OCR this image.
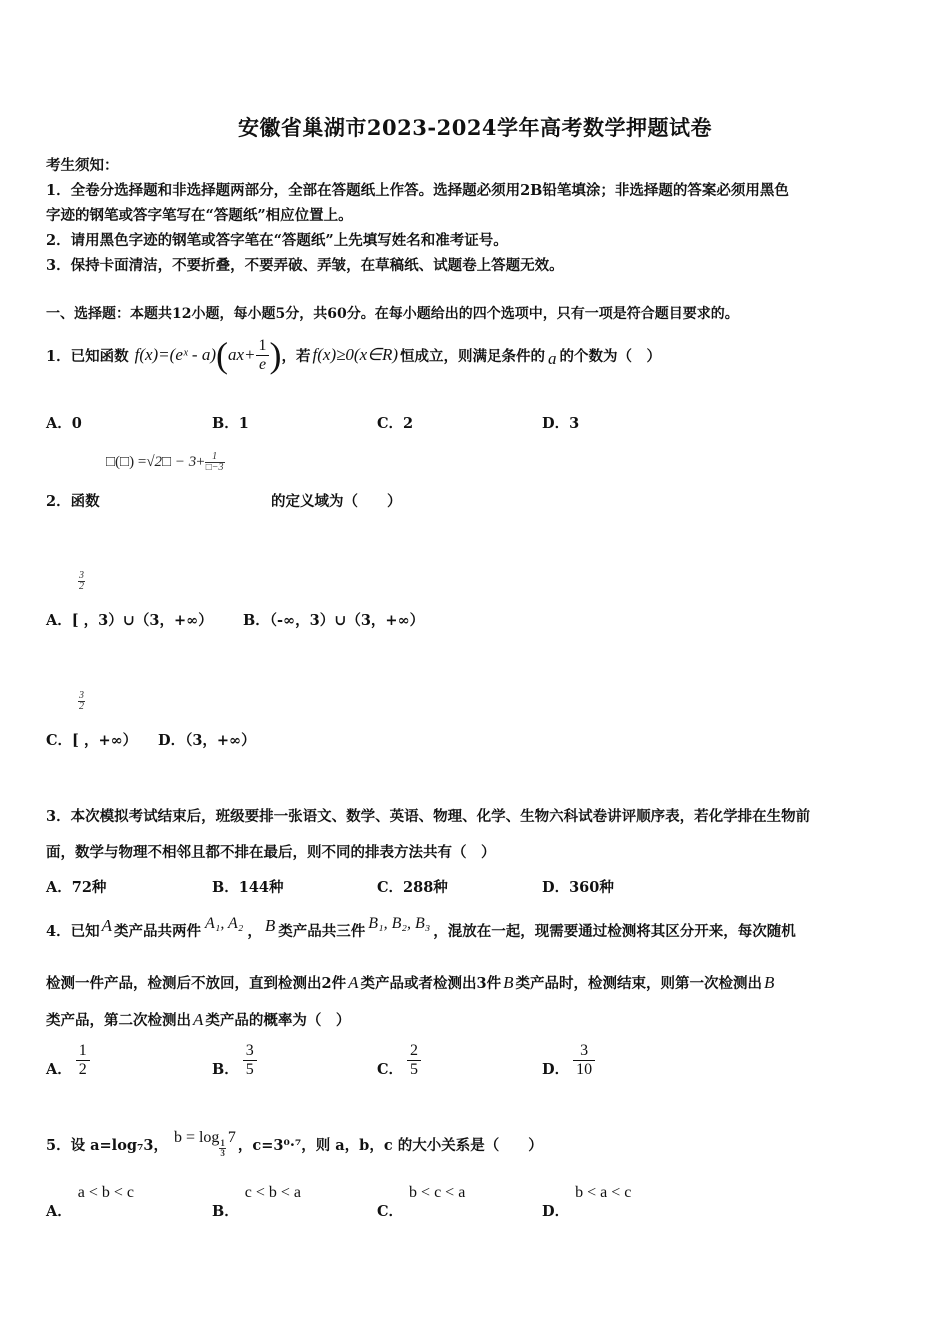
安徽省巢湖市2023-2024学年高考数学押题试卷
考生须知：
1．全卷分选择题和非选择题两部分，全部在答题纸上作答。选择题必须用2B铅笔填涂；非选择题的答案必须用黑色
字迹的钢笔或答字笔写在“答题纸”相应位置上。
2．请用黑色字迹的钢笔或答字笔在“答题纸”上先填写姓名和准考证号。
3．保持卡面清洁，不要折叠，不要弄破、弄皱，在草稿纸、试题卷上答题无效。
一、选择题：本题共12小题，每小题5分，共60分。在每小题给出的四个选项中，只有一项是符合题目要求的。
1．已知函数 f(x)= (eˣ - a) ( $ax+ \frac{1}{e}$ ) ，若 f(x)≥0(x∈R) 恒成立，则满足条件的 a 的个数为（　）
A．0	B．1	C．2	D．3
□(□) = √2□ − $3 + \frac{1}{□-3}$
2．函数	的定义域为（　　）
$\frac{3}{2}$
A．[ ，3）∪（3，+∞） B．（-∞，3）∪（3，+∞）
$\frac{3}{2}$
C．[ ，+∞） D．（3，+∞）
3．本次模拟考试结束后，班级要排一张语文、数学、英语、物理、化学、生物六科试卷讲评顺序表，若化学排在生物前
面，数学与物理不相邻且都不排在最后，则不同的排表方法共有（　）
A．72种	B．144种	C．288种	D．360种
4．已知 A 类产品共两件 A₁, A₂ ， B 类产品共三件 B₁, B₂, B₃ ，混放在一起，现需要通过检测将其区分开来，每次随机
检测一件产品，检测后不放回，直到检测出2件 A 类产品或者检测出3件 B 类产品时，检测结束，则第一次检测出 B
类产品，第二次检测出 A 类产品的概率为（　）
A． $\frac{1}{2}$	B． $\frac{3}{5}$	C． $\frac{2}{5}$	D． $\frac{3}{10}$
5．设 a=log₇3， b = log
$\frac{1}{3}$
7 ，c=3⁰·⁷，则 a，b，c 的大小关系是（　　）
A．
a < b < c
B．
c < b < a
C．
b < c < a
D．
b < a < c
